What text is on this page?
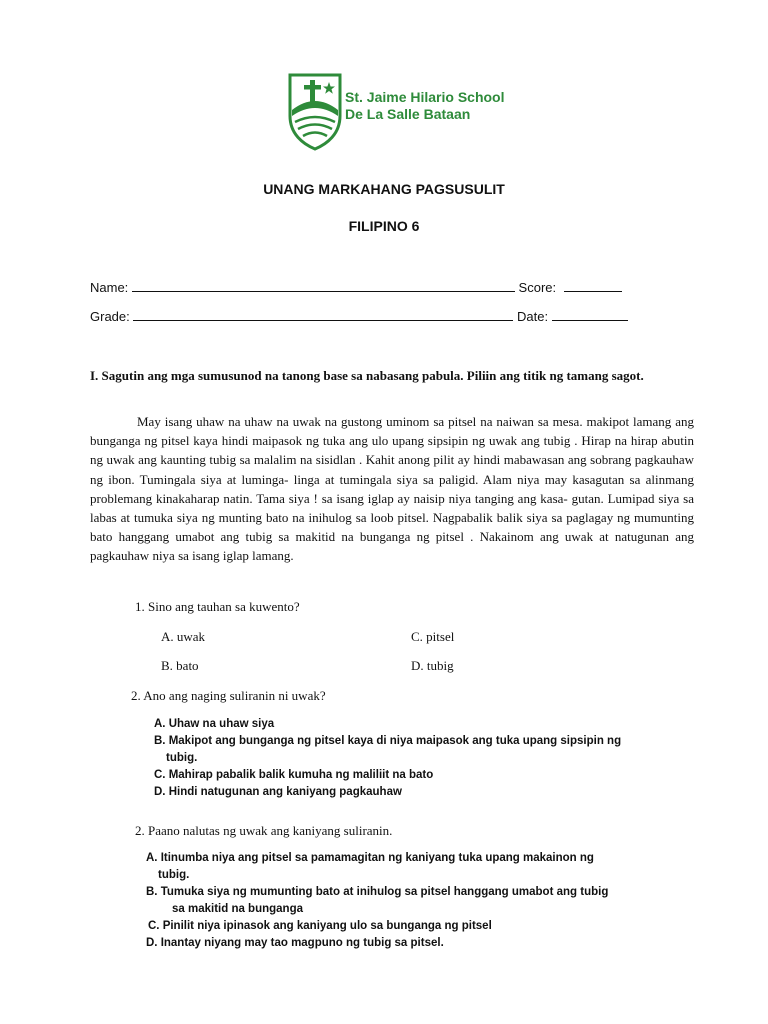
St. Jaime Hilario School
De La Salle Bataan
UNANG MARKAHANG PAGSUSULIT
FILIPINO 6
Name:	Score:
Grade:	Date:
I. Sagutin ang mga sumusunod na tanong base sa nabasang pabula. Piliin ang titik ng tamang sagot.

May isang uhaw na uhaw na uwak na gustong uminom sa pitsel na naiwan sa mesa. makipot lamang ang bunganga ng pitsel kaya hindi maipasok ng tuka ang ulo upang sipsipin ng uwak ang tubig . Hirap na hirap abutin ng uwak ang kaunting tubig sa malalim na sisidlan . Kahit anong pilit ay hindi mabawasan ang sobrang pagkauhaw ng ibon. Tumingala siya at luminga- linga at tumingala siya sa paligid. Alam niya may kasagutan sa alinmang problemang kinakaharap natin. Tama siya ! sa isang iglap ay naisip niya tanging ang kasa- gutan. Lumipad siya sa labas at tumuka siya ng munting bato na inihulog sa loob pitsel. Nagpabalik balik siya sa paglagay ng mumunting bato hanggang umabot ang tubig sa makitid na bunganga ng pitsel . Nakainom ang uwak at natugunan ang pagkauhaw niya sa isang iglap lamang.

1. Sino ang tauhan sa kuwento?
A. uwak	C. pitsel
B. bato	D. tubig
2. Ano ang naging suliranin ni uwak?
A. Uhaw na uhaw siya
B. Makipot ang bunganga ng pitsel kaya di niya maipasok ang tuka upang sipsipin ng
tubig.
C. Mahirap pabalik balik kumuha ng maliliit na bato
D. Hindi natugunan ang kaniyang pagkauhaw
2. Paano nalutas ng uwak ang kaniyang suliranin.
A. Itinumba niya ang pitsel sa pamamagitan ng kaniyang tuka upang makainon ng
tubig.
B. Tumuka siya ng mumunting bato at inihulog sa pitsel hanggang umabot ang tubig
sa makitid na bunganga
C. Pinilit niya ipinasok ang kaniyang ulo sa bunganga ng pitsel
D. Inantay niyang may tao magpuno ng tubig sa pitsel.
